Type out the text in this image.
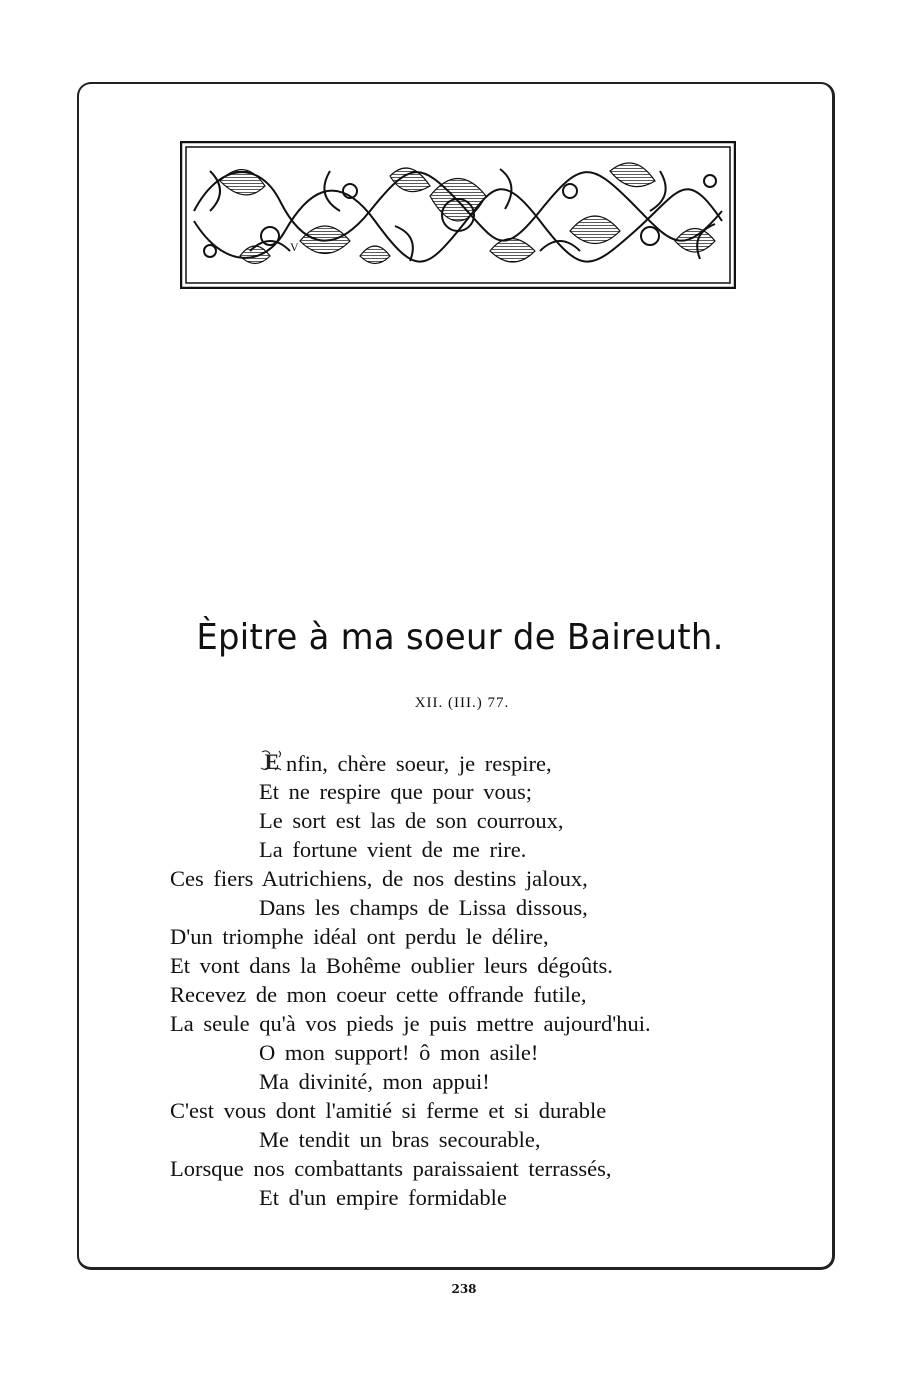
V
Èpitre à ma soeur de Baireuth.
XII. (III.) 77.
E nfin, chère soeur, je respire,
Et ne respire que pour vous;
Le sort est las de son courroux,
La fortune vient de me rire.
Ces fiers Autrichiens, de nos destins jaloux,
Dans les champs de Lissa dissous,
D'un triomphe idéal ont perdu le délire,
Et vont dans la Bohême oublier leurs dégoûts.
Recevez de mon coeur cette offrande futile,
La seule qu'à vos pieds je puis mettre aujourd'hui.
O mon support! ô mon asile!
Ma divinité, mon appui!
C'est vous dont l'amitié si ferme et si durable
Me tendit un bras secourable,
Lorsque nos combattants paraissaient terrassés,
Et d'un empire formidable
238
